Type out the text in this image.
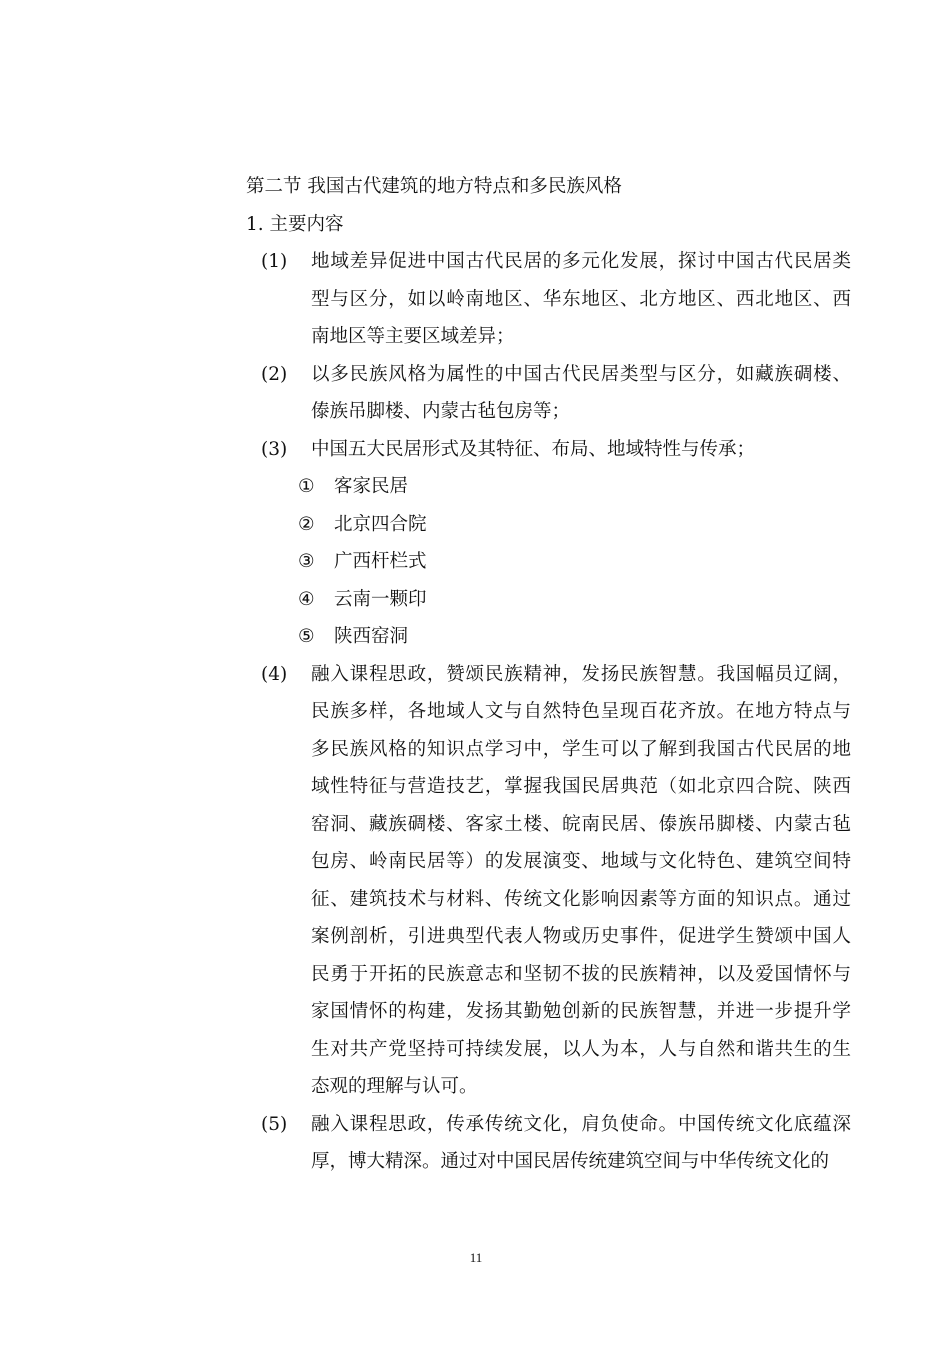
第二节 我国古代建筑的地方特点和多民族风格
1. 主要内容
(1)	地域差异促进中国古代民居的多元化发展，探讨中国古代民居类
型与区分，如以岭南地区、华东地区、北方地区、西北地区、西
南地区等主要区域差异；
(2)	以多民族风格为属性的中国古代民居类型与区分，如藏族碉楼、
傣族吊脚楼、内蒙古毡包房等；
(3)	中国五大民居形式及其特征、布局、地域特性与传承；
① 客家民居
② 北京四合院
③ 广西杆栏式
④ 云南一颗印
⑤ 陕西窑洞
(4)	融入课程思政，赞颂民族精神，发扬民族智慧。我国幅员辽阔，
民族多样，各地域人文与自然特色呈现百花齐放。在地方特点与
多民族风格的知识点学习中，学生可以了解到我国古代民居的地
域性特征与营造技艺，掌握我国民居典范（如北京四合院、陕西
窑洞、藏族碉楼、客家土楼、皖南民居、傣族吊脚楼、内蒙古毡
包房、岭南民居等）的发展演变、地域与文化特色、建筑空间特
征、建筑技术与材料、传统文化影响因素等方面的知识点。通过
案例剖析，引进典型代表人物或历史事件，促进学生赞颂中国人
民勇于开拓的民族意志和坚韧不拔的民族精神，以及爱国情怀与
家国情怀的构建，发扬其勤勉创新的民族智慧，并进一步提升学
生对共产党坚持可持续发展，以人为本，人与自然和谐共生的生
态观的理解与认可。
(5)	融入课程思政，传承传统文化，肩负使命。中国传统文化底蕴深
厚，博大精深。通过对中国民居传统建筑空间与中华传统文化的
11
